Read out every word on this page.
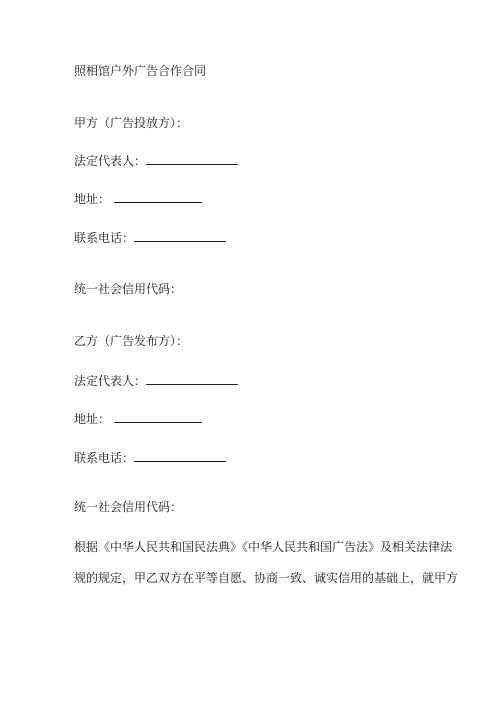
照相馆户外广告合作合同
甲方（广告投放方）：
法定代表人：
地址：
联系电话：
统一社会信用代码：
乙方（广告发布方）：
法定代表人：
地址：
联系电话：
统一社会信用代码：
根据《中华人民共和国民法典》《中华人民共和国广告法》及相关法律法
规的规定，甲乙双方在平等自愿、协商一致、诚实信用的基础上，就甲方
